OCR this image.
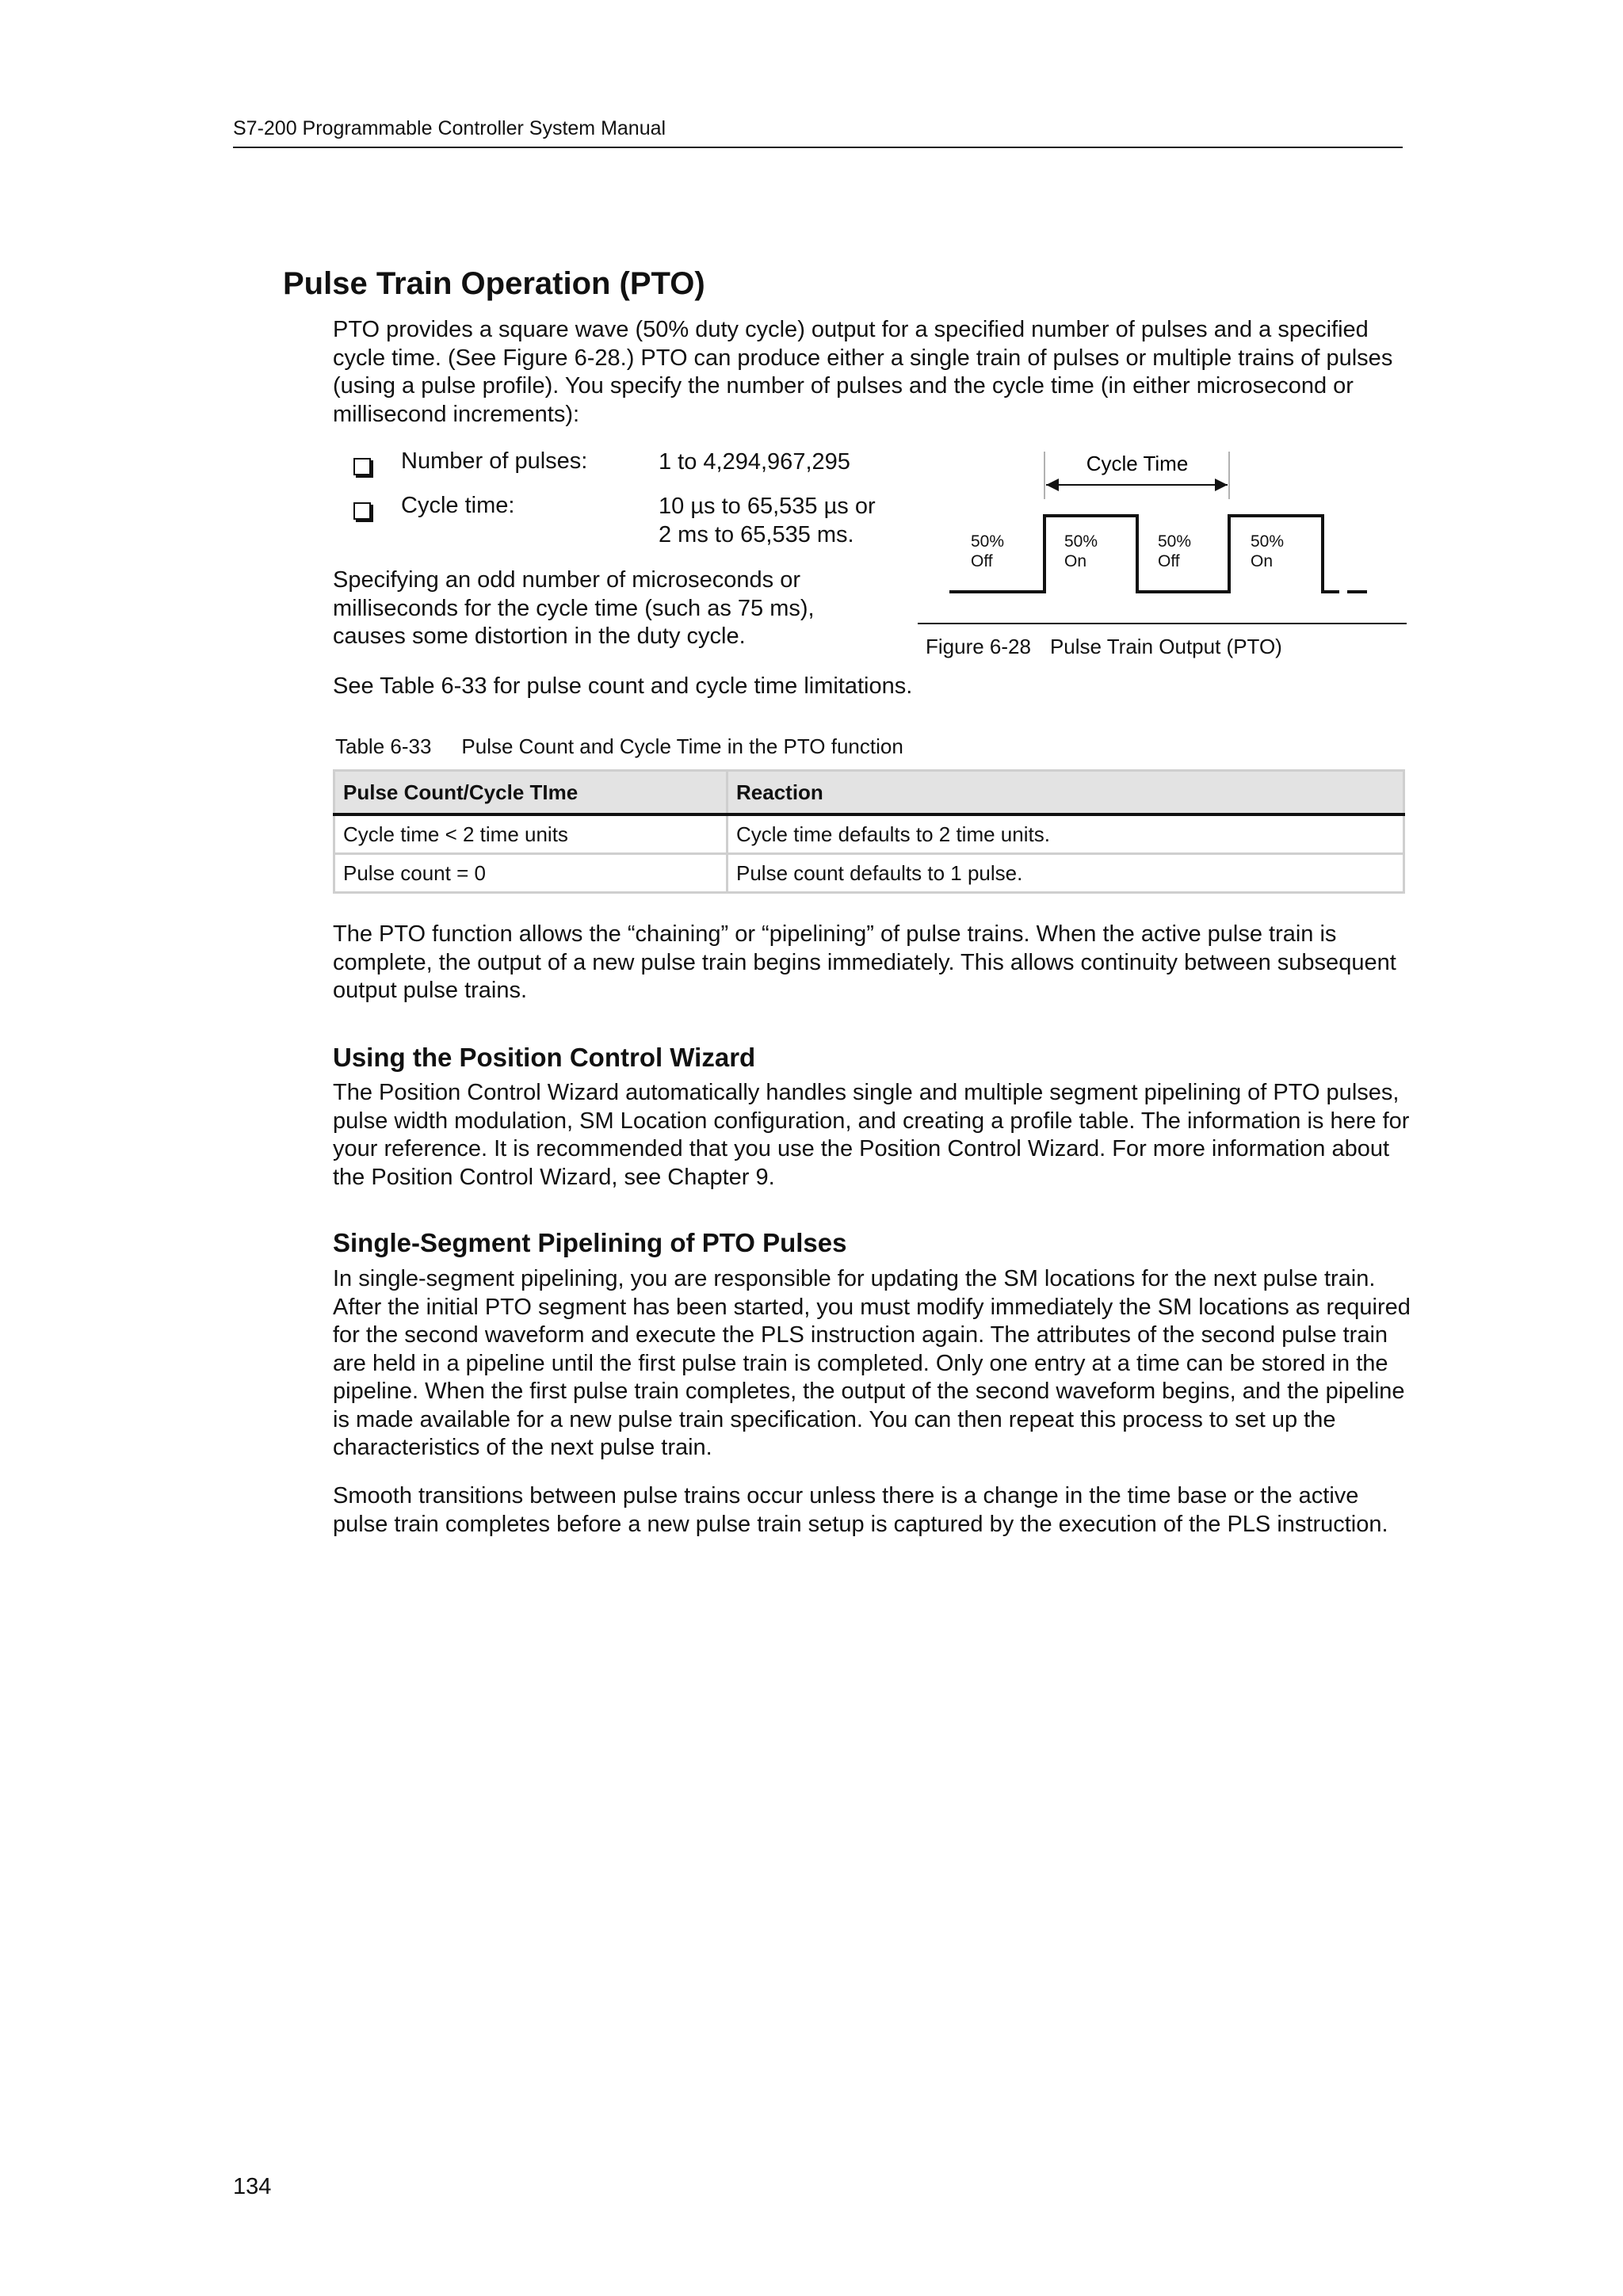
S7-200 Programmable Controller System Manual
Pulse Train Operation (PTO)

PTO provides a square wave (50% duty cycle) output for a specified number of pulses and a specified cycle time. (See Figure 6-28.) PTO can produce either a single train of pulses or multiple trains of pulses (using a pulse profile). You specify the number of pulses and the cycle time (in either microsecond or millisecond increments):

Number of pulses:	1 to 4,294,967,295
Cycle time:	10 µs to 65,535 µs or
2 ms to 65,535 ms.

Specifying an odd number of microseconds or milliseconds for the cycle time (such as 75 ms), causes some distortion in the duty cycle.

See Table 6-33 for pulse count and cycle time limitations.

Cycle Time
50%
Off
50%
On
50%
Off
50%
On
Figure 6-28 Pulse Train Output (PTO)
Table 6-33 Pulse Count and Cycle Time in the PTO function
Pulse Count/Cycle TIme	Reaction
Cycle time < 2 time units	Cycle time defaults to 2 time units.
Pulse count = 0	Pulse count defaults to 1 pulse.

The PTO function allows the “chaining” or “pipelining” of pulse trains. When the active pulse train is complete, the output of a new pulse train begins immediately. This allows continuity between subsequent output pulse trains.

Using the Position Control Wizard

The Position Control Wizard automatically handles single and multiple segment pipelining of PTO pulses, pulse width modulation, SM Location configuration, and creating a profile table. The information is here for your reference. It is recommended that you use the Position Control Wizard. For more information about the Position Control Wizard, see Chapter 9.

Single-Segment Pipelining of PTO Pulses

In single-segment pipelining, you are responsible for updating the SM locations for the next pulse train. After the initial PTO segment has been started, you must modify immediately the SM locations as required for the second waveform and execute the PLS instruction again. The attributes of the second pulse train are held in a pipeline until the first pulse train is completed. Only one entry at a time can be stored in the pipeline. When the first pulse train completes, the output of the second waveform begins, and the pipeline is made available for a new pulse train specification. You can then repeat this process to set up the characteristics of the next pulse train.

Smooth transitions between pulse trains occur unless there is a change in the time base or the active pulse train completes before a new pulse train setup is captured by the execution of the PLS instruction.

134
